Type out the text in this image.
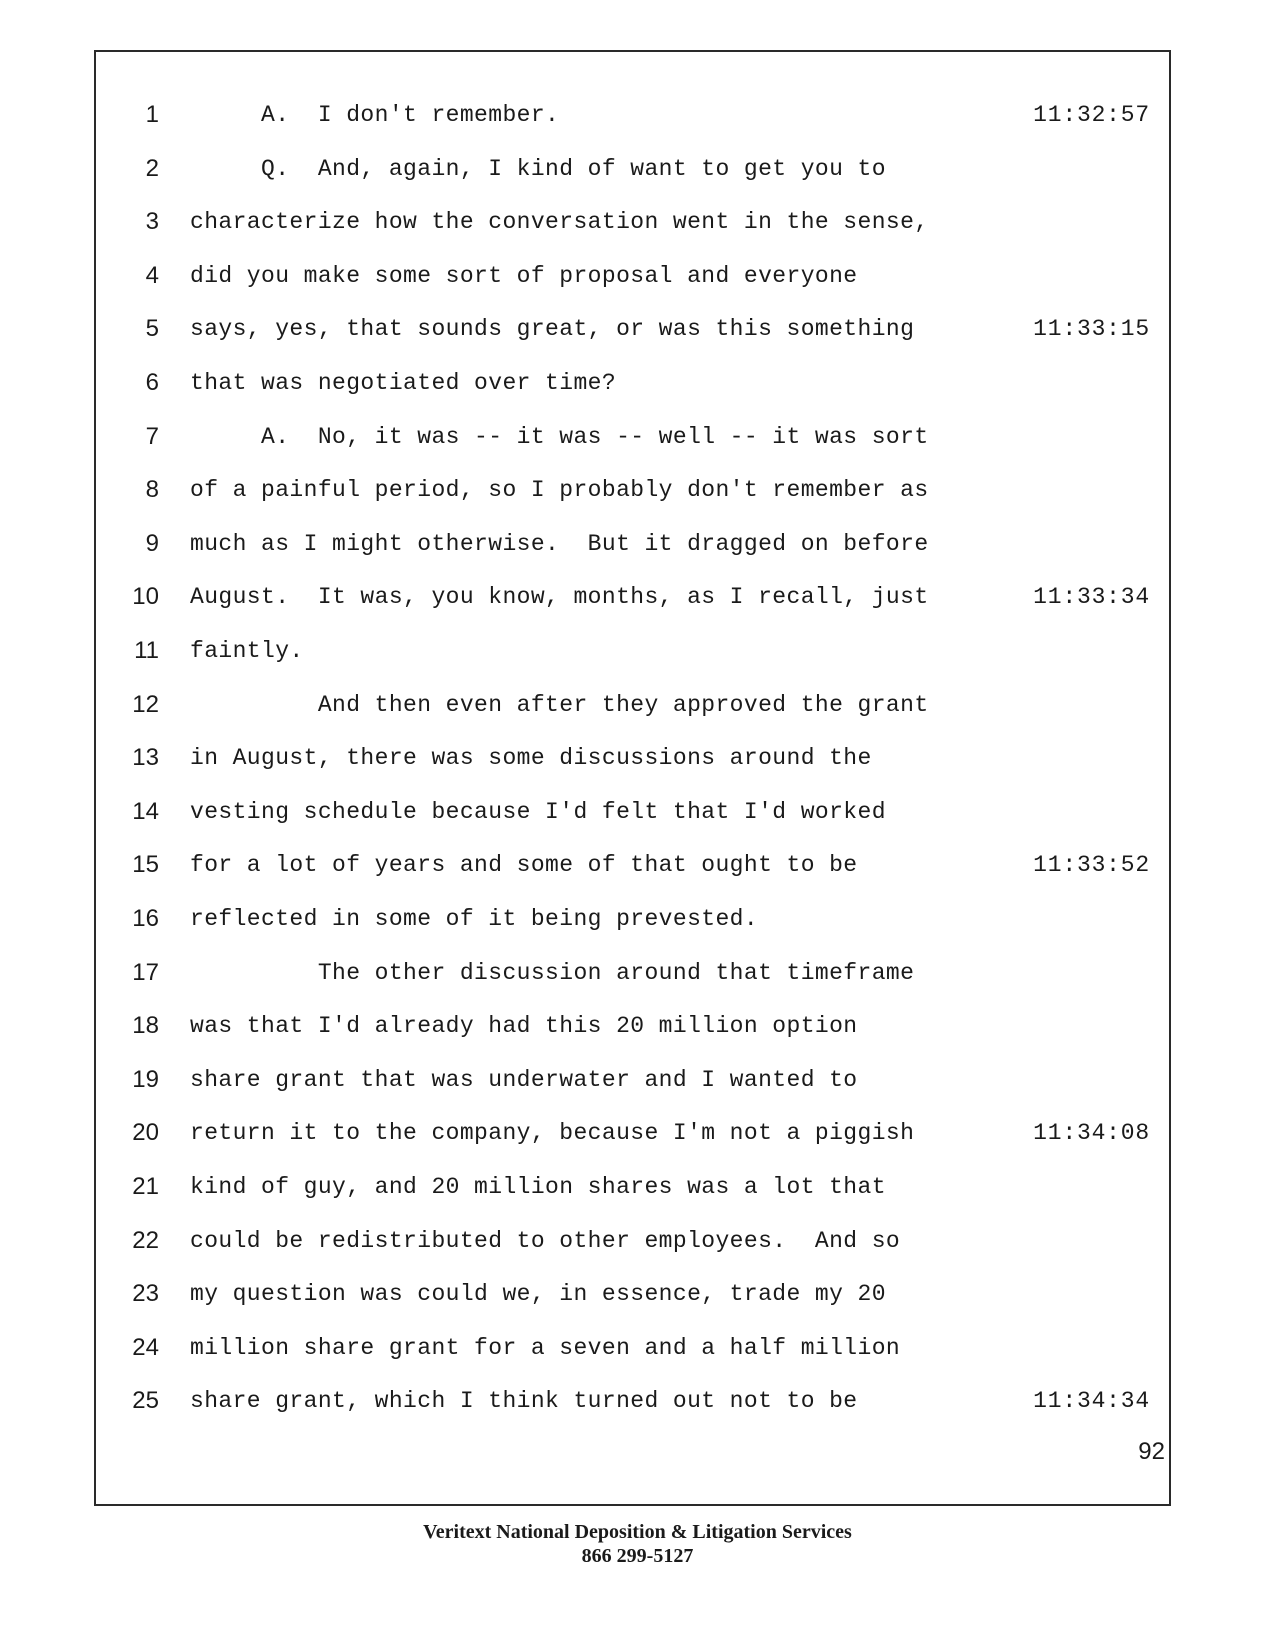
1 A.  I don't remember.	11:32:57
2 Q.  And, again, I kind of want to get you to
3 characterize how the conversation went in the sense,
4 did you make some sort of proposal and everyone
5 says, yes, that sounds great, or was this something	11:33:15
6 that was negotiated over time?
7 A.  No, it was -- it was -- well -- it was sort
8 of a painful period, so I probably don't remember as
9 much as I might otherwise.  But it dragged on before
10 August.  It was, you know, months, as I recall, just	11:33:34
11 faintly.
12 And then even after they approved the grant
13 in August, there was some discussions around the
14 vesting schedule because I'd felt that I'd worked
15 for a lot of years and some of that ought to be	11:33:52
16 reflected in some of it being prevested.
17 The other discussion around that timeframe
18 was that I'd already had this 20 million option
19 share grant that was underwater and I wanted to
20 return it to the company, because I'm not a piggish	11:34:08
21 kind of guy, and 20 million shares was a lot that
22 could be redistributed to other employees.  And so
23 my question was could we, in essence, trade my 20
24 million share grant for a seven and a half million
25 share grant, which I think turned out not to be	11:34:34
92
Veritext National Deposition & Litigation Services
866 299-5127
